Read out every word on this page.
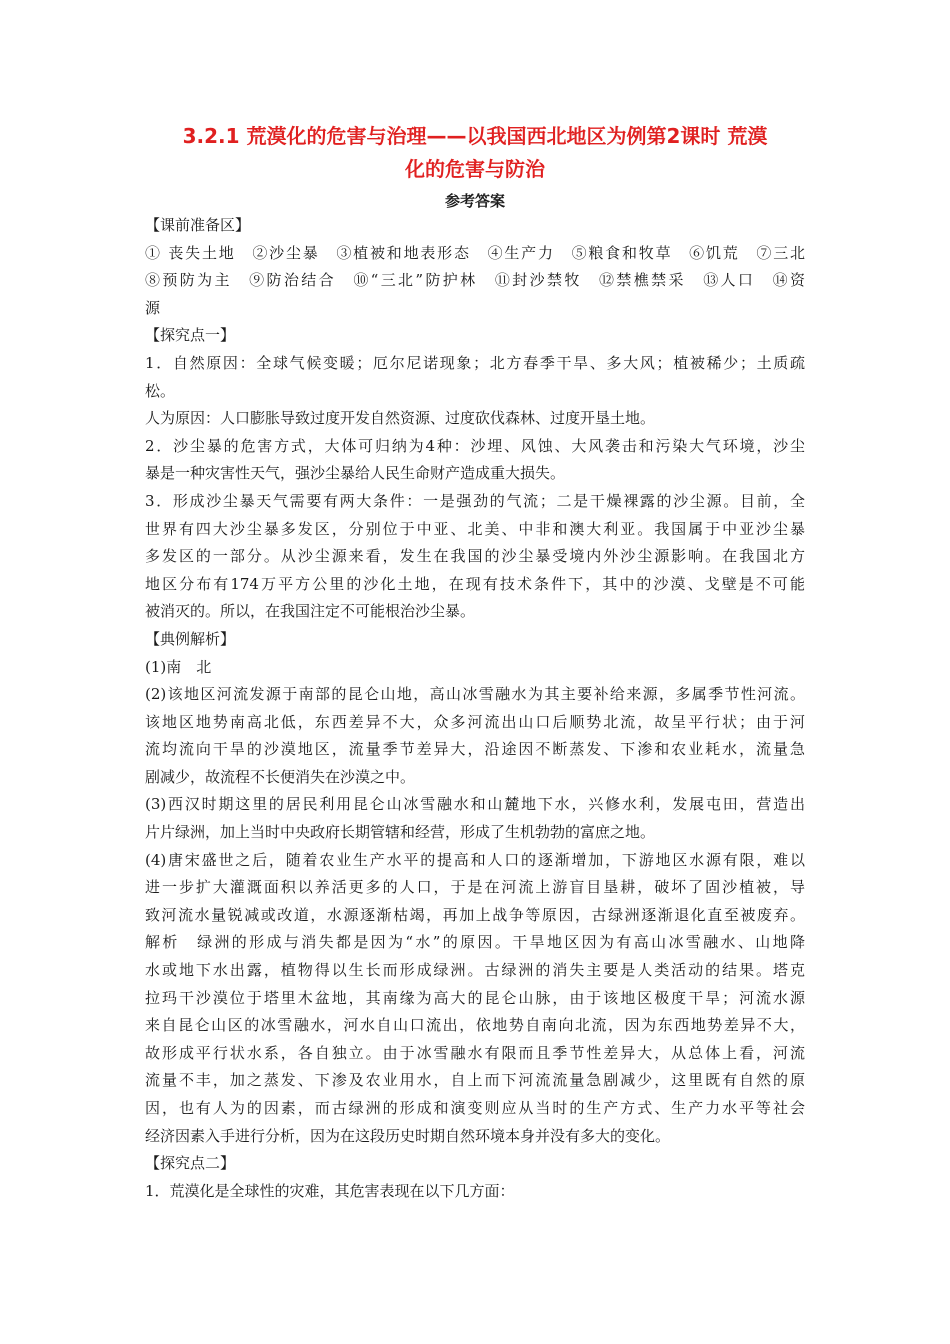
3.2.1 荒漠化的危害与治理——以我国西北地区为例第2课时 荒漠
化的危害与防治
参考答案
【课前准备区】
① 丧失土地　②沙尘暴　③植被和地表形态　④生产力　⑤粮食和牧草　⑥饥荒　⑦三北
⑧预防为主　⑨防治结合　⑩“三北”防护林　⑪封沙禁牧　⑫禁樵禁采　⑬人口　⑭资
源
【探究点一】
1．自然原因：全球气候变暖；厄尔尼诺现象；北方春季干旱、多大风；植被稀少；土质疏
松。
人为原因：人口膨胀导致过度开发自然资源、过度砍伐森林、过度开垦土地。
2．沙尘暴的危害方式，大体可归纳为4种：沙埋、风蚀、大风袭击和污染大气环境，沙尘
暴是一种灾害性天气，强沙尘暴给人民生命财产造成重大损失。
3．形成沙尘暴天气需要有两大条件：一是强劲的气流；二是干燥裸露的沙尘源。目前，全
世界有四大沙尘暴多发区，分别位于中亚、北美、中非和澳大利亚。我国属于中亚沙尘暴
多发区的一部分。从沙尘源来看，发生在我国的沙尘暴受境内外沙尘源影响。在我国北方
地区分布有174万平方公里的沙化土地，在现有技术条件下，其中的沙漠、戈壁是不可能
被消灭的。所以，在我国注定不可能根治沙尘暴。
【典例解析】
(1)南　北
(2)该地区河流发源于南部的昆仑山地，高山冰雪融水为其主要补给来源，多属季节性河流。
该地区地势南高北低，东西差异不大，众多河流出山口后顺势北流，故呈平行状；由于河
流均流向干旱的沙漠地区，流量季节差异大，沿途因不断蒸发、下渗和农业耗水，流量急
剧减少，故流程不长便消失在沙漠之中。
(3)西汉时期这里的居民利用昆仑山冰雪融水和山麓地下水，兴修水利，发展屯田，营造出
片片绿洲，加上当时中央政府长期管辖和经营，形成了生机勃勃的富庶之地。
(4)唐宋盛世之后，随着农业生产水平的提高和人口的逐渐增加，下游地区水源有限，难以
进一步扩大灌溉面积以养活更多的人口，于是在河流上游盲目垦耕，破坏了固沙植被，导
致河流水量锐减或改道，水源逐渐枯竭，再加上战争等原因，古绿洲逐渐退化直至被废弃。
解析　绿洲的形成与消失都是因为“水”的原因。干旱地区因为有高山冰雪融水、山地降
水或地下水出露，植物得以生长而形成绿洲。古绿洲的消失主要是人类活动的结果。塔克
拉玛干沙漠位于塔里木盆地，其南缘为高大的昆仑山脉，由于该地区极度干旱；河流水源
来自昆仑山区的冰雪融水，河水自山口流出，依地势自南向北流，因为东西地势差异不大，
故形成平行状水系，各自独立。由于冰雪融水有限而且季节性差异大，从总体上看，河流
流量不丰，加之蒸发、下渗及农业用水，自上而下河流流量急剧减少，这里既有自然的原
因，也有人为的因素，而古绿洲的形成和演变则应从当时的生产方式、生产力水平等社会
经济因素入手进行分析，因为在这段历史时期自然环境本身并没有多大的变化。
【探究点二】
1．荒漠化是全球性的灾难，其危害表现在以下几方面：
